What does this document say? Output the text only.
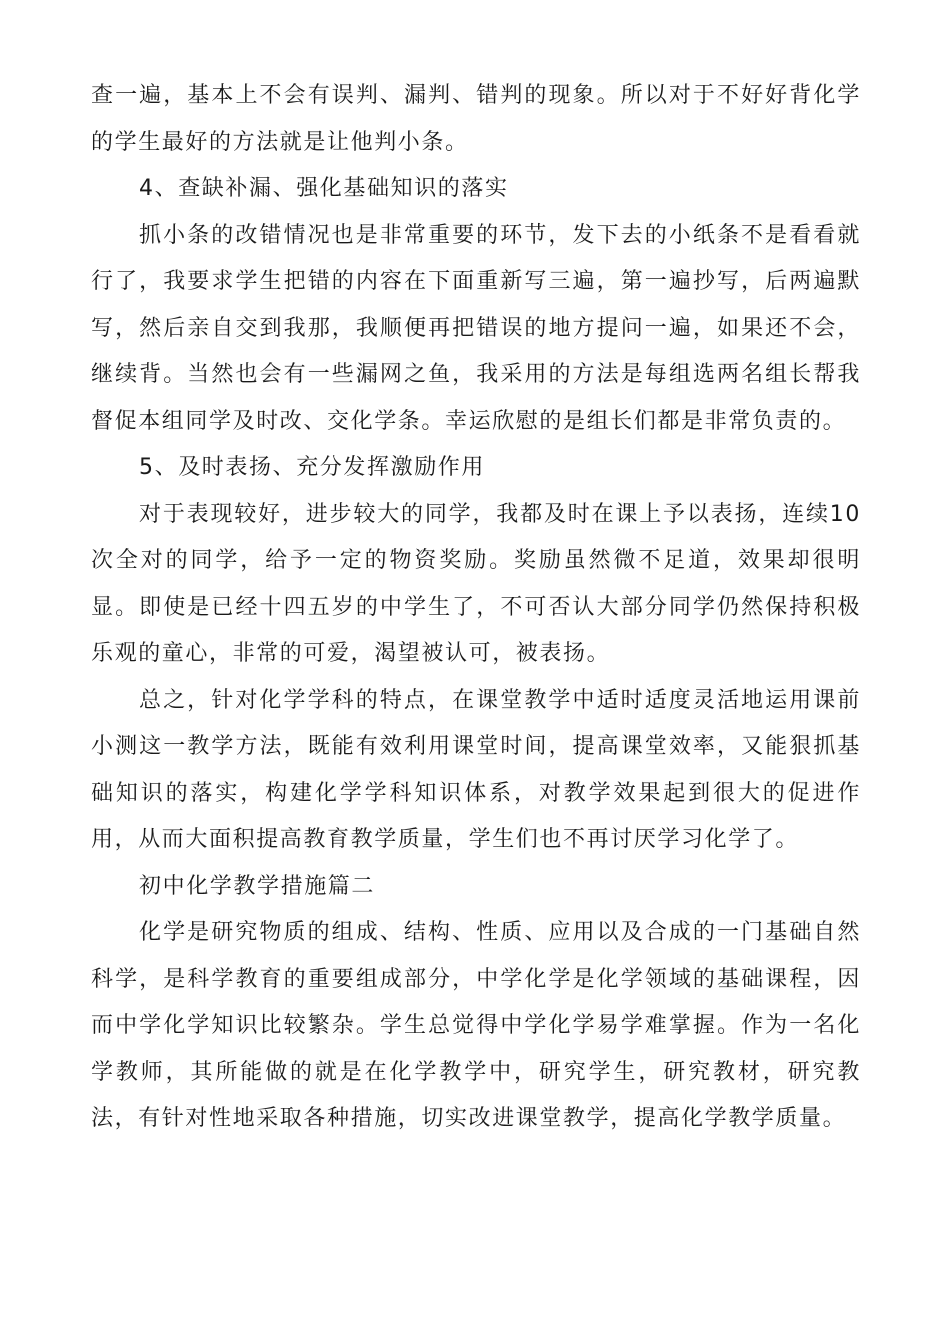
查一遍，基本上不会有误判、漏判、错判的现象。所以对于不好好背化学的学生最好的方法就是让他判小条。

4、查缺补漏、强化基础知识的落实

抓小条的改错情况也是非常重要的环节，发下去的小纸条不是看看就行了，我要求学生把错的内容在下面重新写三遍，第一遍抄写，后两遍默写，然后亲自交到我那，我顺便再把错误的地方提问一遍，如果还不会，继续背。当然也会有一些漏网之鱼，我采用的方法是每组选两名组长帮我督促本组同学及时改、交化学条。幸运欣慰的是组长们都是非常负责的。

5、及时表扬、充分发挥激励作用

对于表现较好，进步较大的同学，我都及时在课上予以表扬，连续10次全对的同学，给予一定的物资奖励。奖励虽然微不足道，效果却很明显。即使是已经十四五岁的中学生了，不可否认大部分同学仍然保持积极乐观的童心，非常的可爱，渴望被认可，被表扬。

总之，针对化学学科的特点，在课堂教学中适时适度灵活地运用课前小测这一教学方法，既能有效利用课堂时间，提高课堂效率，又能狠抓基础知识的落实，构建化学学科知识体系，对教学效果起到很大的促进作用，从而大面积提高教育教学质量，学生们也不再讨厌学习化学了。

初中化学教学措施篇二

化学是研究物质的组成、结构、性质、应用以及合成的一门基础自然科学，是科学教育的重要组成部分，中学化学是化学领域的基础课程，因而中学化学知识比较繁杂。学生总觉得中学化学易学难掌握。作为一名化学教师，其所能做的就是在化学教学中，研究学生，研究教材，研究教法，有针对性地采取各种措施，切实改进课堂教学，提高化学教学质量。
